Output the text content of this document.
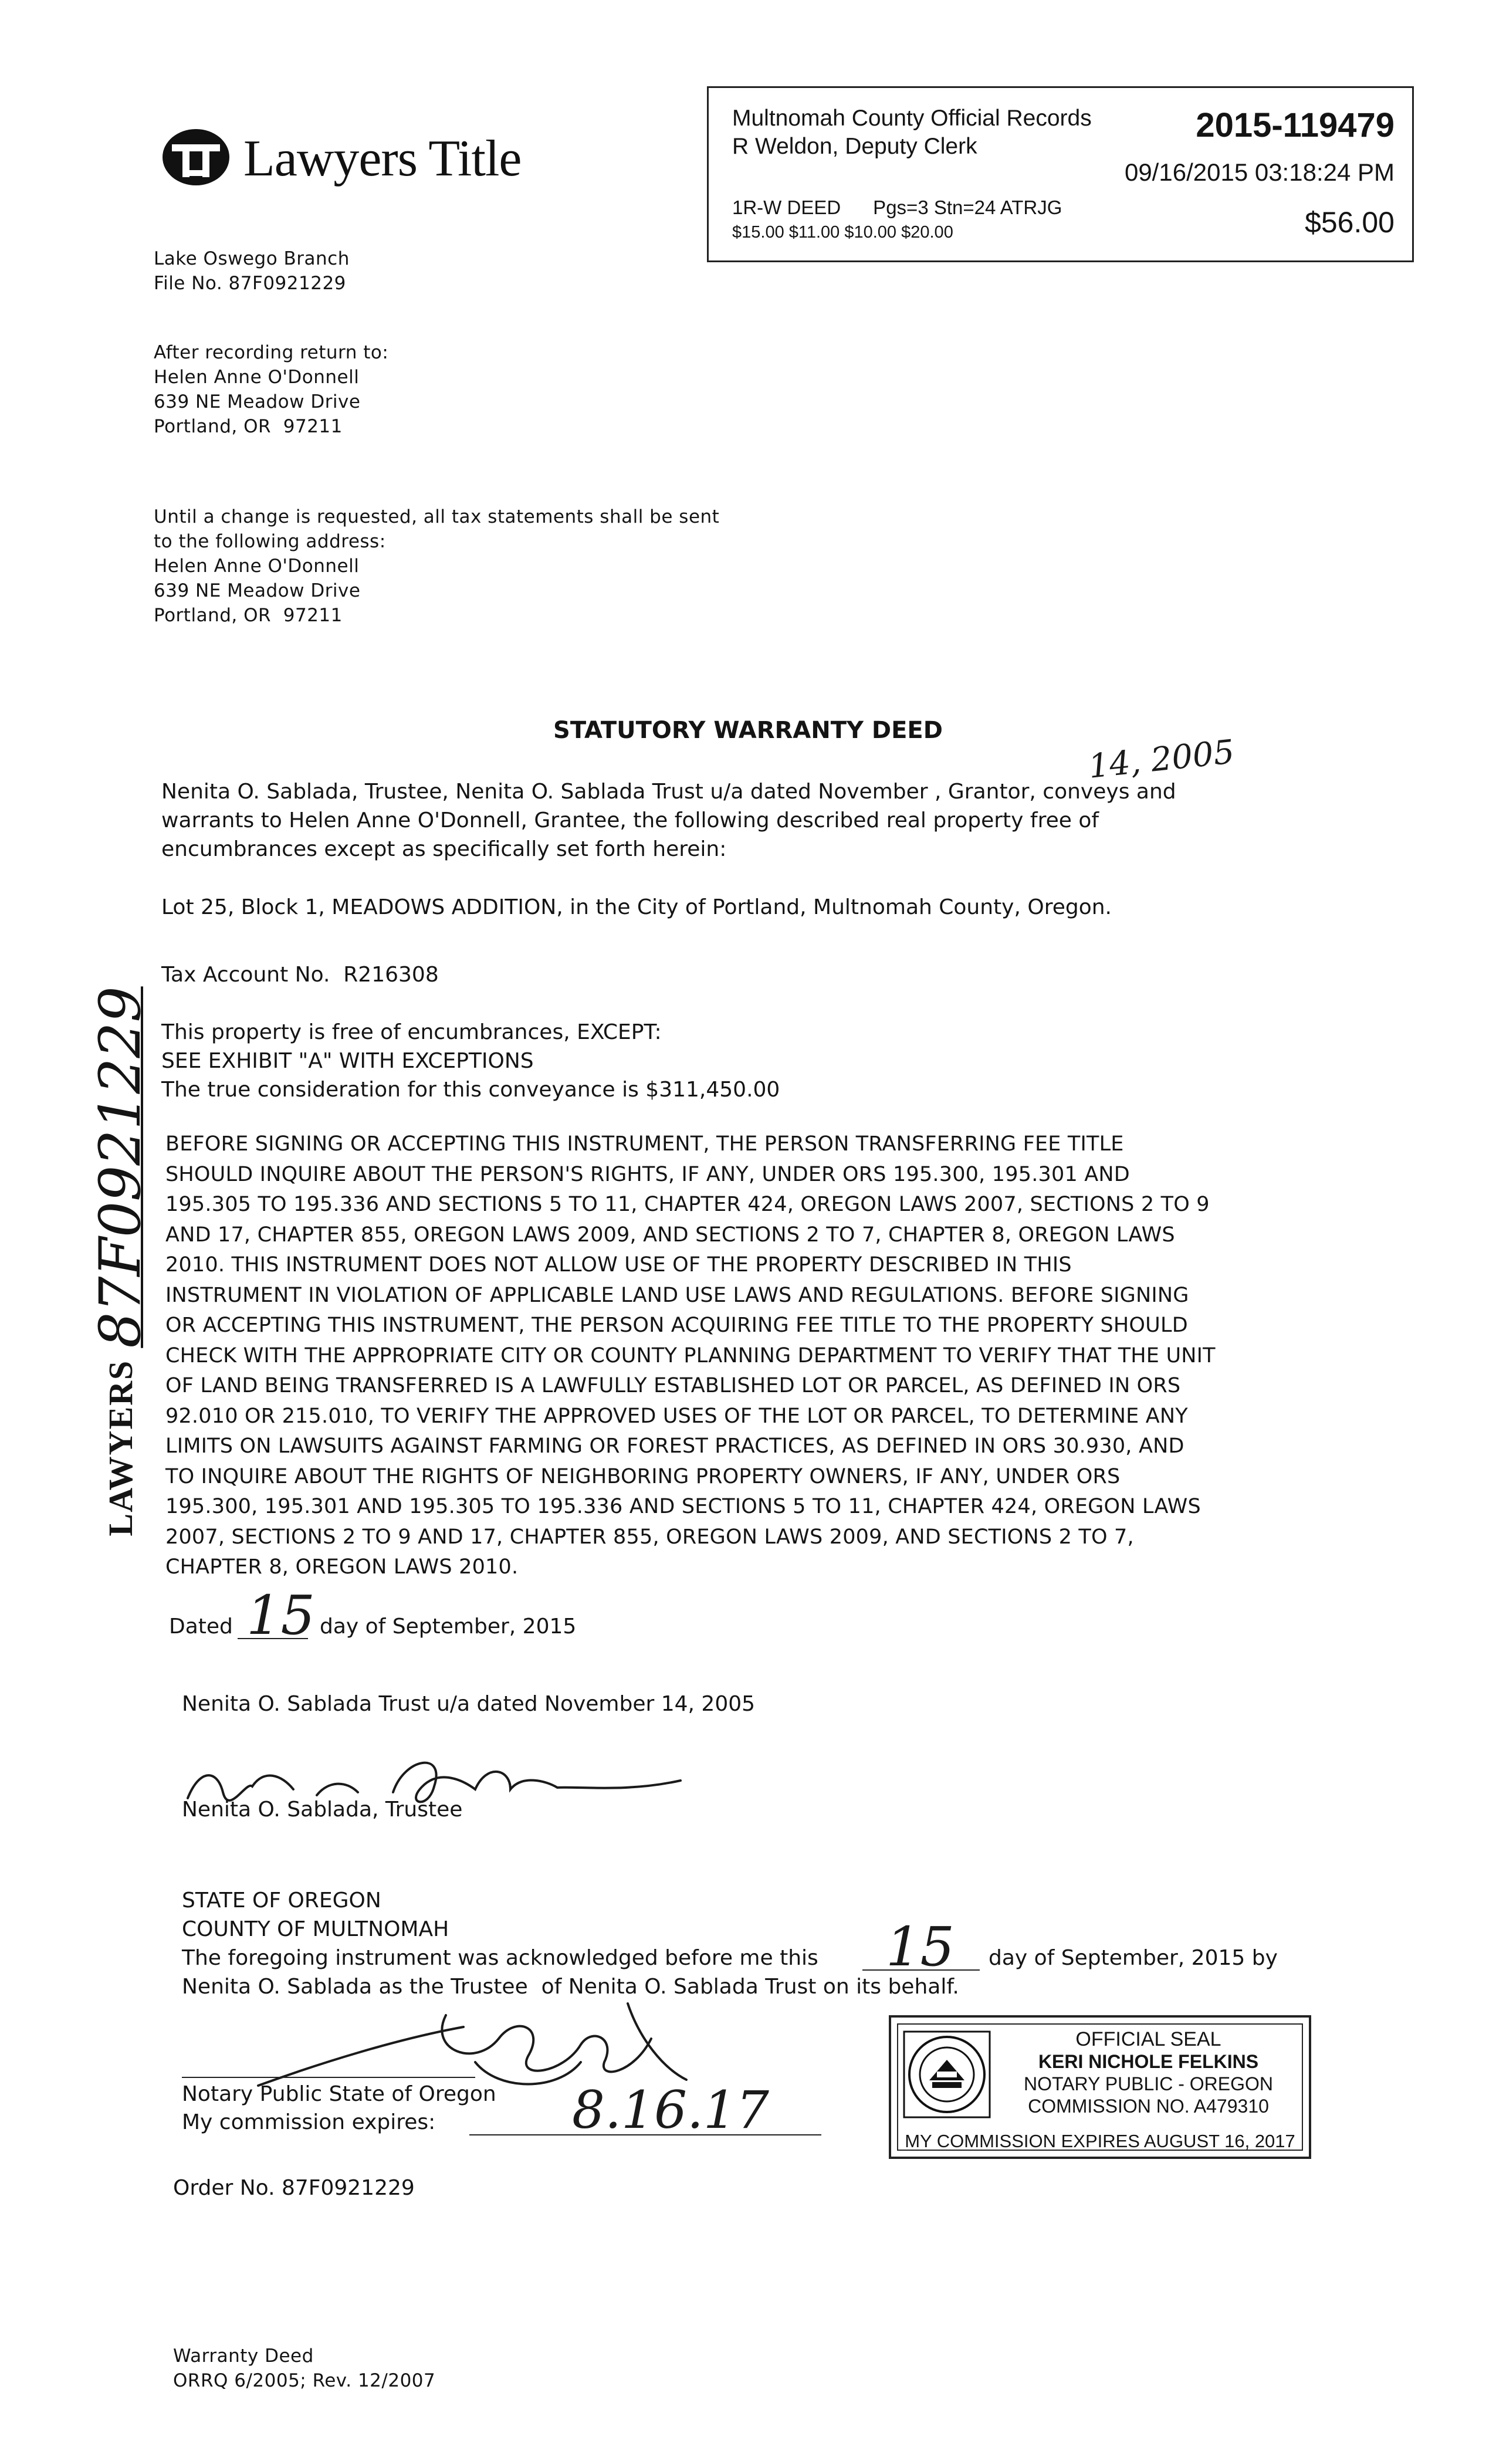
Lawyers Title
Multnomah County Official Records
R Weldon, Deputy Clerk
2015-119479
09/16/2015 03:18:24 PM
1R-W DEED      Pgs=3 Stn=24 ATRJG
$15.00 $11.00 $10.00 $20.00	$56.00
Lake Oswego Branch
File No. 87F0921229
After recording return to:
Helen Anne O'Donnell
639 NE Meadow Drive
Portland, OR  97211
Until a change is requested, all tax statements shall be sent
to the following address:
Helen Anne O'Donnell
639 NE Meadow Drive
Portland, OR  97211
STATUTORY WARRANTY DEED
14, 2005
Nenita O. Sablada, Trustee, Nenita O. Sablada Trust u/a dated November , Grantor, conveys and
warrants to Helen Anne O'Donnell, Grantee, the following described real property free of
encumbrances except as specifically set forth herein:
Lot 25, Block 1, MEADOWS ADDITION, in the City of Portland, Multnomah County, Oregon.
Tax Account No.  R216308
This property is free of encumbrances, EXCEPT:
SEE EXHIBIT "A" WITH EXCEPTIONS
The true consideration for this conveyance is $311,450.00
BEFORE SIGNING OR ACCEPTING THIS INSTRUMENT, THE PERSON TRANSFERRING FEE TITLE
SHOULD INQUIRE ABOUT THE PERSON'S RIGHTS, IF ANY, UNDER ORS 195.300, 195.301 AND
195.305 TO 195.336 AND SECTIONS 5 TO 11, CHAPTER 424, OREGON LAWS 2007, SECTIONS 2 TO 9
AND 17, CHAPTER 855, OREGON LAWS 2009, AND SECTIONS 2 TO 7, CHAPTER 8, OREGON LAWS
2010. THIS INSTRUMENT DOES NOT ALLOW USE OF THE PROPERTY DESCRIBED IN THIS
INSTRUMENT IN VIOLATION OF APPLICABLE LAND USE LAWS AND REGULATIONS. BEFORE SIGNING
OR ACCEPTING THIS INSTRUMENT, THE PERSON ACQUIRING FEE TITLE TO THE PROPERTY SHOULD
CHECK WITH THE APPROPRIATE CITY OR COUNTY PLANNING DEPARTMENT TO VERIFY THAT THE UNIT
OF LAND BEING TRANSFERRED IS A LAWFULLY ESTABLISHED LOT OR PARCEL, AS DEFINED IN ORS
92.010 OR 215.010, TO VERIFY THE APPROVED USES OF THE LOT OR PARCEL, TO DETERMINE ANY
LIMITS ON LAWSUITS AGAINST FARMING OR FOREST PRACTICES, AS DEFINED IN ORS 30.930, AND
TO INQUIRE ABOUT THE RIGHTS OF NEIGHBORING PROPERTY OWNERS, IF ANY, UNDER ORS
195.300, 195.301 AND 195.305 TO 195.336 AND SECTIONS 5 TO 11, CHAPTER 424, OREGON LAWS
2007, SECTIONS 2 TO 9 AND 17, CHAPTER 855, OREGON LAWS 2009, AND SECTIONS 2 TO 7,
CHAPTER 8, OREGON LAWS 2010.
Dated 15 day of September, 2015
Nenita O. Sablada Trust u/a dated November 14, 2005
Nenita O. Sablada, Trustee
STATE OF OREGON
COUNTY OF MULTNOMAH
The foregoing instrument was acknowledged before me this 15 day of September, 2015 by
Nenita O. Sablada as the Trustee  of Nenita O. Sablada Trust on its behalf.
Notary Public State of Oregon
My commission expires:	8.16.17
Order No. 87F0921229
OFFICIAL SEAL
KERI NICHOLE FELKINS
NOTARY PUBLIC - OREGON
COMMISSION NO. A479310
MY COMMISSION EXPIRES AUGUST 16, 2017
LAWYERS
87F0921229
Warranty Deed
ORRQ 6/2005; Rev. 12/2007
